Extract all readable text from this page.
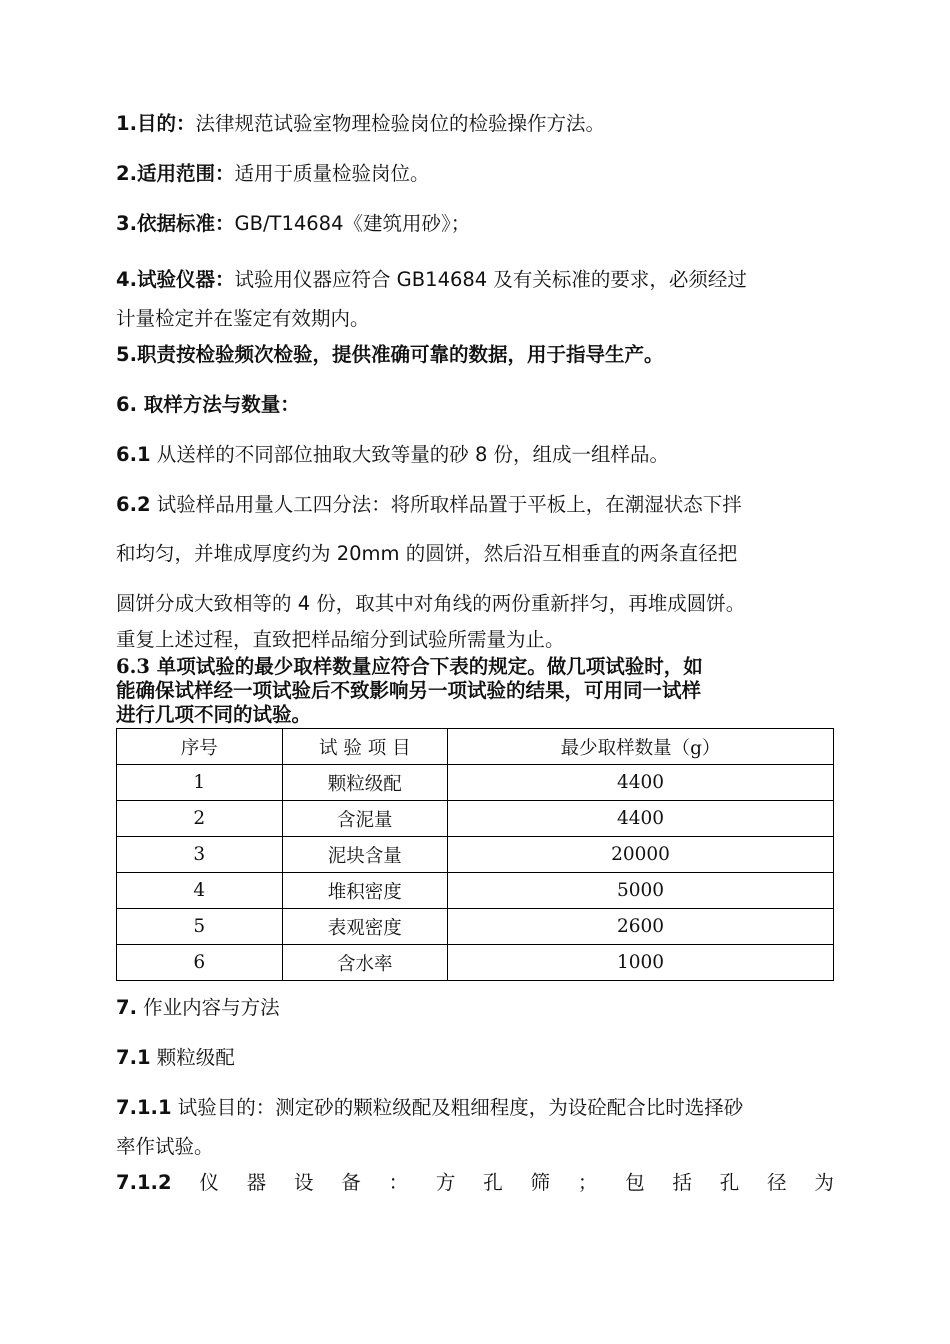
1.目的：法律规范试验室物理检验岗位的检验操作方法。
2.适用范围：适用于质量检验岗位。
3.依据标准：GB/T14684《建筑用砂》；
4.试验仪器：试验用仪器应符合 GB14684 及有关标准的要求，必须经过
计量检定并在鉴定有效期内。
5.职责按检验频次检验，提供准确可靠的数据，用于指导生产。
6. 取样方法与数量：
6.1 从送样的不同部位抽取大致等量的砂 8 份，组成一组样品。
6.2 试验样品用量人工四分法：将所取样品置于平板上，在潮湿状态下拌
和均匀，并堆成厚度约为 20mm 的圆饼，然后沿互相垂直的两条直径把
圆饼分成大致相等的 4 份，取其中对角线的两份重新拌匀，再堆成圆饼。
重复上述过程，直致把样品缩分到试验所需量为止。
6.3 单项试验的最少取样数量应符合下表的规定。做几项试验时，如
能确保试样经一项试验后不致影响另一项试验的结果，可用同一试样
进行几项不同的试验。
序号	试 验 项 目	最少取样数量（g）
1	颗粒级配	4400
2	含泥量	4400
3	泥块含量	20000
4	堆积密度	5000
5	表观密度	2600
6	含水率	1000
7. 作业内容与方法
7.1 颗粒级配
7.1.1 试验目的：测定砂的颗粒级配及粗细程度，为设砼配合比时选择砂
率作试验。
7.1.2 仪 器 设 备 ： 方 孔 筛 ； 包 括 孔 径 为
